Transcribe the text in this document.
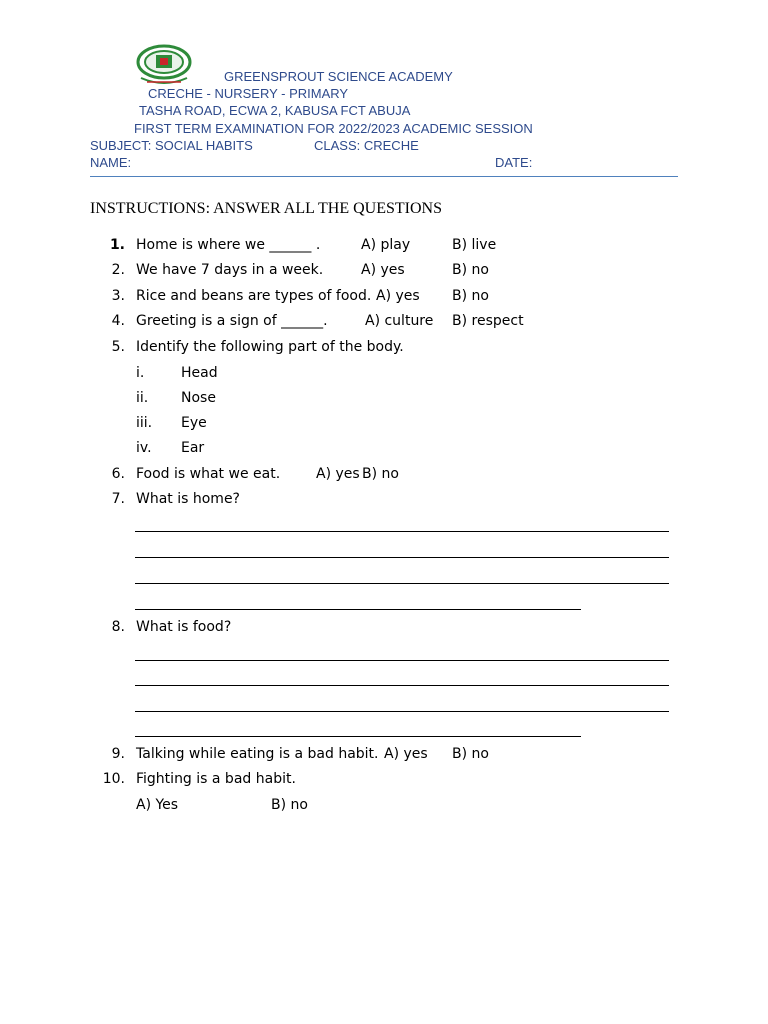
GREENSPROUT SCIENCE ACADEMY
CRECHE - NURSERY - PRIMARY
TASHA ROAD, ECWA 2, KABUSA FCT ABUJA
FIRST TERM EXAMINATION FOR 2022/2023 ACADEMIC SESSION
SUBJECT: SOCIAL HABITS	CLASS: CRECHE
NAME:	DATE:
INSTRUCTIONS: ANSWER ALL THE QUESTIONS
1. Home is where we ______ .	A) play	B) live
2. We have 7 days in a week.	A) yes	B) no
3. Rice and beans are types of food. A) yes B) no
4. Greeting is a sign of ______.	A) culture B) respect
5. Identify the following part of the body.
i.	Head
ii. Nose
iii. Eye
iv. Ear
6. Food is what we eat.	A) yes B) no
7. What is home?
8. What is food?
9. Talking while eating is a bad habit. A) yes B) no
10. Fighting is a bad habit.
A) Yes	B) no
